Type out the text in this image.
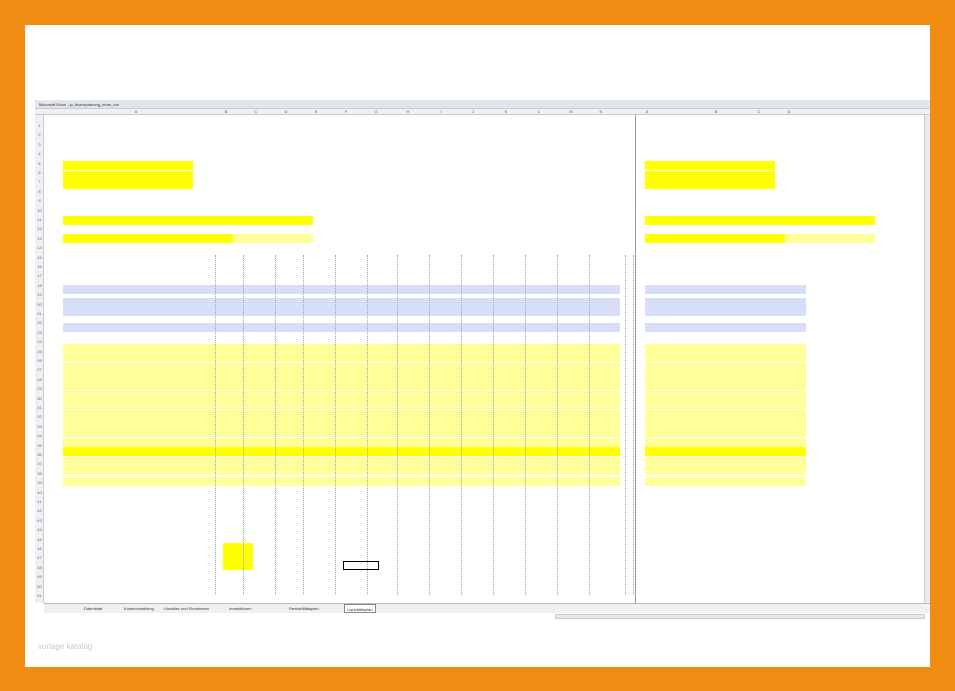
Microsoft Excel - ip_finanzplanung_ohne_mb
A	B	C	D	E	F	G	H	I	J	K	L	M	N	A	B	C	D
1
2
3
4
5
6
7
8
9
10
11
12
13
14
15
16
17
18
19
20
21
22
23
24
25
26
27
28
29
30
31
32
33
34
35
36
37
38
39
40
41
42
43
44
45
46
47
48
49
50
51
Datenblatt	Kostenverteilung	Umsätze und Einnahmen	Investitionen	Rentabilitätsplan	Liquiditätsplan
vorlage katalog
